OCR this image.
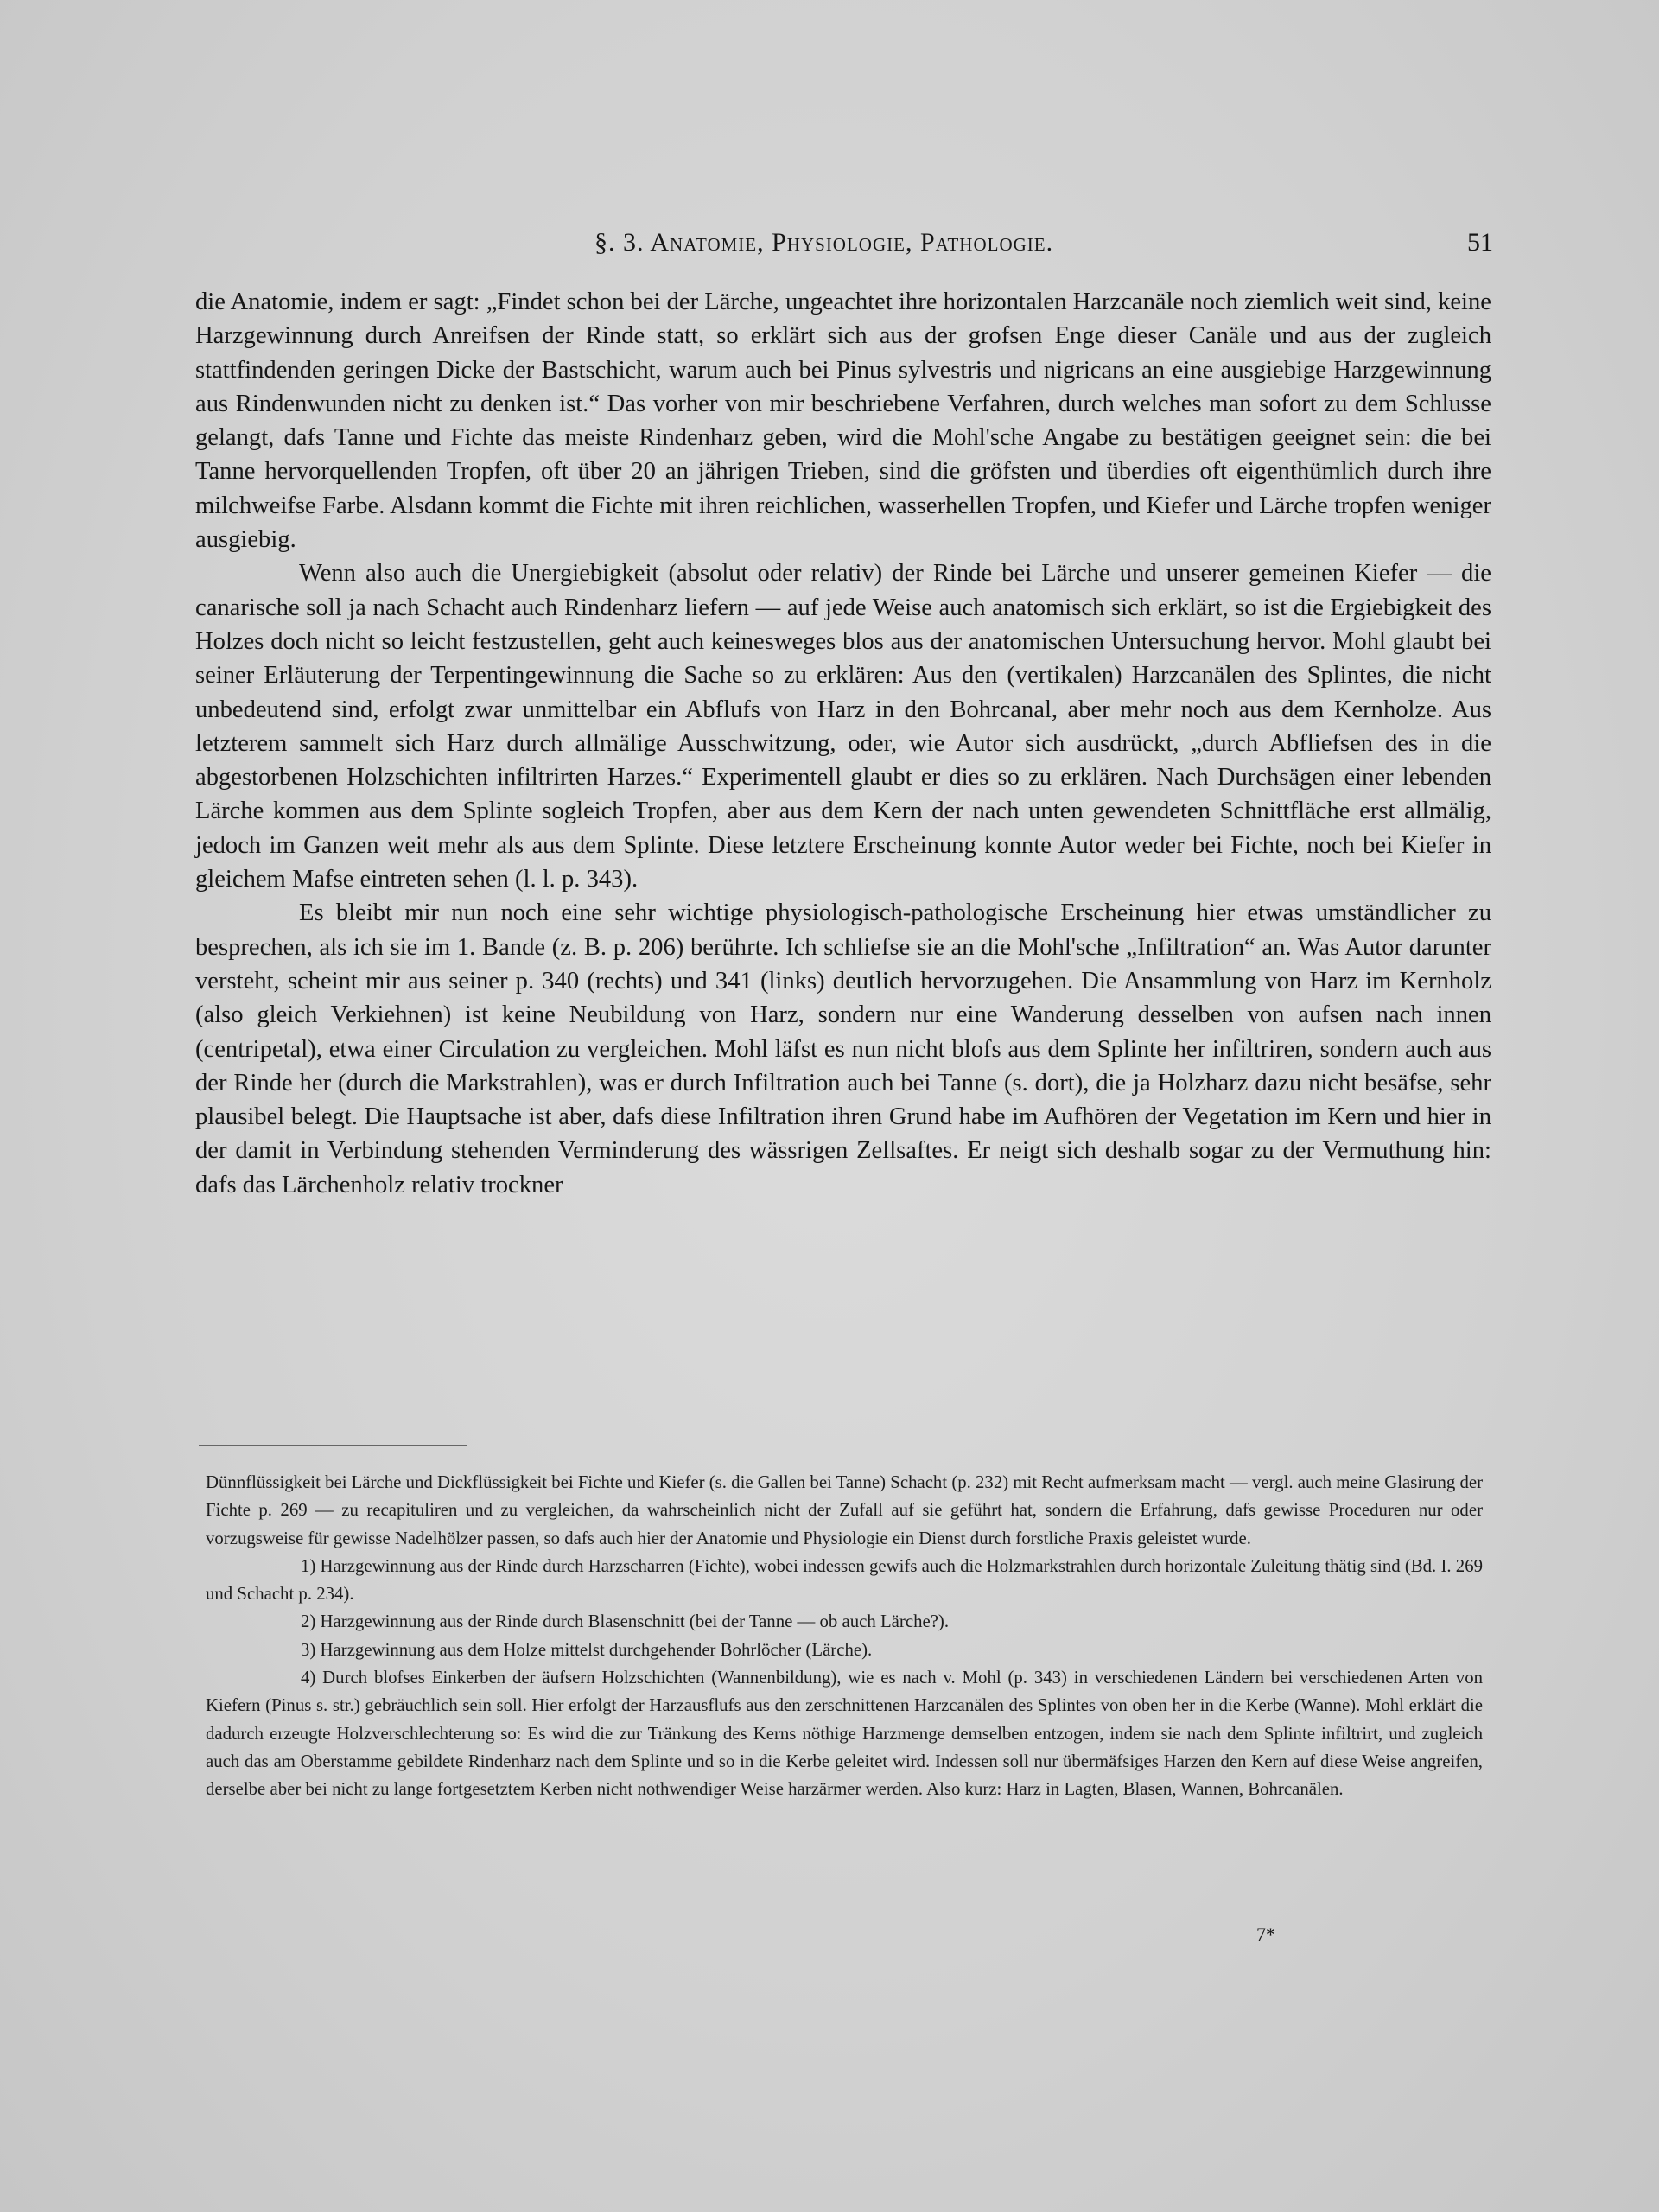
§. 3. Anatomie, Physiologie, Pathologie.	51

die Anatomie, indem er sagt: „Findet schon bei der Lärche, ungeachtet ihre horizontalen Harzcanäle noch ziemlich weit sind, keine Harzgewinnung durch Anreifsen der Rinde statt, so erklärt sich aus der grofsen Enge dieser Canäle und aus der zugleich stattfindenden geringen Dicke der Bastschicht, warum auch bei Pinus sylvestris und nigricans an eine ausgiebige Harzgewinnung aus Rindenwunden nicht zu denken ist.“ Das vorher von mir beschriebene Verfahren, durch welches man sofort zu dem Schlusse gelangt, dafs Tanne und Fichte das meiste Rindenharz geben, wird die Mohl'sche Angabe zu bestätigen geeignet sein: die bei Tanne hervorquellenden Tropfen, oft über 20 an jährigen Trieben, sind die gröfsten und überdies oft eigenthümlich durch ihre milchweifse Farbe. Alsdann kommt die Fichte mit ihren reichlichen, wasserhellen Tropfen, und Kiefer und Lärche tropfen weniger ausgiebig.

Wenn also auch die Unergiebigkeit (absolut oder relativ) der Rinde bei Lärche und unserer gemeinen Kiefer — die canarische soll ja nach Schacht auch Rindenharz liefern — auf jede Weise auch anatomisch sich erklärt, so ist die Ergiebigkeit des Holzes doch nicht so leicht festzustellen, geht auch keinesweges blos aus der anatomischen Untersuchung hervor. Mohl glaubt bei seiner Erläuterung der Terpentingewinnung die Sache so zu erklären: Aus den (vertikalen) Harzcanälen des Splintes, die nicht unbedeutend sind, erfolgt zwar unmittelbar ein Abflufs von Harz in den Bohrcanal, aber mehr noch aus dem Kernholze. Aus letzterem sammelt sich Harz durch allmälige Ausschwitzung, oder, wie Autor sich ausdrückt, „durch Abfliefsen des in die abgestorbenen Holzschichten infiltrirten Harzes.“ Experimentell glaubt er dies so zu erklären. Nach Durchsägen einer lebenden Lärche kommen aus dem Splinte sogleich Tropfen, aber aus dem Kern der nach unten gewendeten Schnittfläche erst allmälig, jedoch im Ganzen weit mehr als aus dem Splinte. Diese letztere Erscheinung konnte Autor weder bei Fichte, noch bei Kiefer in gleichem Mafse eintreten sehen (l. l. p. 343).

Es bleibt mir nun noch eine sehr wichtige physiologisch-pathologische Erscheinung hier etwas umständlicher zu besprechen, als ich sie im 1. Bande (z. B. p. 206) berührte. Ich schliefse sie an die Mohl'sche „Infiltration“ an. Was Autor darunter versteht, scheint mir aus seiner p. 340 (rechts) und 341 (links) deutlich hervorzugehen. Die Ansammlung von Harz im Kernholz (also gleich Verkiehnen) ist keine Neubildung von Harz, sondern nur eine Wanderung desselben von aufsen nach innen (centripetal), etwa einer Circulation zu vergleichen. Mohl läfst es nun nicht blofs aus dem Splinte her infiltriren, sondern auch aus der Rinde her (durch die Markstrahlen), was er durch Infiltration auch bei Tanne (s. dort), die ja Holzharz dazu nicht besäfse, sehr plausibel belegt. Die Hauptsache ist aber, dafs diese Infiltration ihren Grund habe im Aufhören der Vegetation im Kern und hier in der damit in Verbindung stehenden Verminderung des wässrigen Zellsaftes. Er neigt sich deshalb sogar zu der Vermuthung hin: dafs das Lärchenholz relativ trockner

Dünnflüssigkeit bei Lärche und Dickflüssigkeit bei Fichte und Kiefer (s. die Gallen bei Tanne) Schacht (p. 232) mit Recht aufmerksam macht — vergl. auch meine Glasirung der Fichte p. 269 — zu recapituliren und zu vergleichen, da wahrscheinlich nicht der Zufall auf sie geführt hat, sondern die Erfahrung, dafs gewisse Proceduren nur oder vorzugsweise für gewisse Nadelhölzer passen, so dafs auch hier der Anatomie und Physiologie ein Dienst durch forstliche Praxis geleistet wurde.

1) Harzgewinnung aus der Rinde durch Harzscharren (Fichte), wobei indessen gewifs auch die Holzmarkstrahlen durch horizontale Zuleitung thätig sind (Bd. I. 269 und Schacht p. 234).

2) Harzgewinnung aus der Rinde durch Blasenschnitt (bei der Tanne — ob auch Lärche?).

3) Harzgewinnung aus dem Holze mittelst durchgehender Bohrlöcher (Lärche).

4) Durch blofses Einkerben der äufsern Holzschichten (Wannenbildung), wie es nach v. Mohl (p. 343) in verschiedenen Ländern bei verschiedenen Arten von Kiefern (Pinus s. str.) gebräuchlich sein soll. Hier erfolgt der Harzausflufs aus den zerschnittenen Harzcanälen des Splintes von oben her in die Kerbe (Wanne). Mohl erklärt die dadurch erzeugte Holzverschlechterung so: Es wird die zur Tränkung des Kerns nöthige Harzmenge demselben entzogen, indem sie nach dem Splinte infiltrirt, und zugleich auch das am Oberstamme gebildete Rindenharz nach dem Splinte und so in die Kerbe geleitet wird. Indessen soll nur übermäfsiges Harzen den Kern auf diese Weise angreifen, derselbe aber bei nicht zu lange fortgesetztem Kerben nicht nothwendiger Weise harzärmer werden. Also kurz: Harz in Lagten, Blasen, Wannen, Bohrcanälen.

7*
